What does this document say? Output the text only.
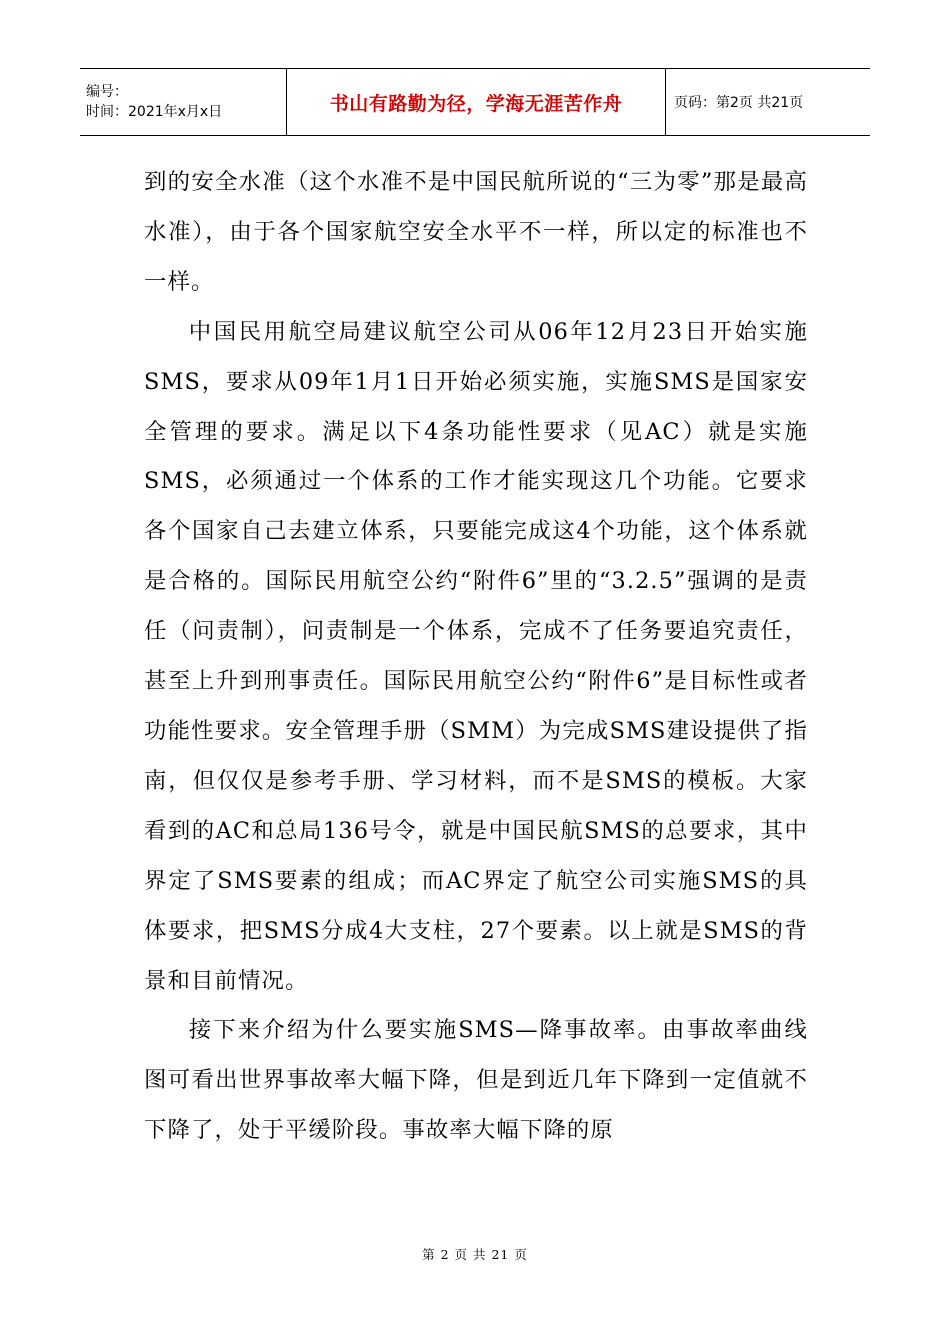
编号：
时间：2021年x月x日	书山有路勤为径，学海无涯苦作舟	页码：第2页 共21页

到的安全水准（这个水准不是中国民航所说的“三为零”那是最高水准），由于各个国家航空安全水平不一样，所以定的标准也不一样。

中国民用航空局建议航空公司从06年12月23日开始实施SMS，要求从09年1月1日开始必须实施，实施SMS是国家安全管理的要求。满足以下4条功能性要求（见AC）就是实施SMS，必须通过一个体系的工作才能实现这几个功能。它要求各个国家自己去建立体系，只要能完成这4个功能，这个体系就是合格的。国际民用航空公约“附件6”里的“3.2.5”强调的是责任（问责制），问责制是一个体系，完成不了任务要追究责任，甚至上升到刑事责任。国际民用航空公约“附件6”是目标性或者功能性要求。安全管理手册（SMM）为完成SMS建设提供了指南，但仅仅是参考手册、学习材料，而不是SMS的模板。大家看到的AC和总局136号令，就是中国民航SMS的总要求，其中界定了SMS要素的组成；而AC界定了航空公司实施SMS的具体要求，把SMS分成4大支柱，27个要素。以上就是SMS的背景和目前情况。

接下来介绍为什么要实施SMS—降事故率。由事故率曲线图可看出世界事故率大幅下降，但是到近几年下降到一定值就不下降了，处于平缓阶段。事故率大幅下降的原

第 2 页 共 21 页
